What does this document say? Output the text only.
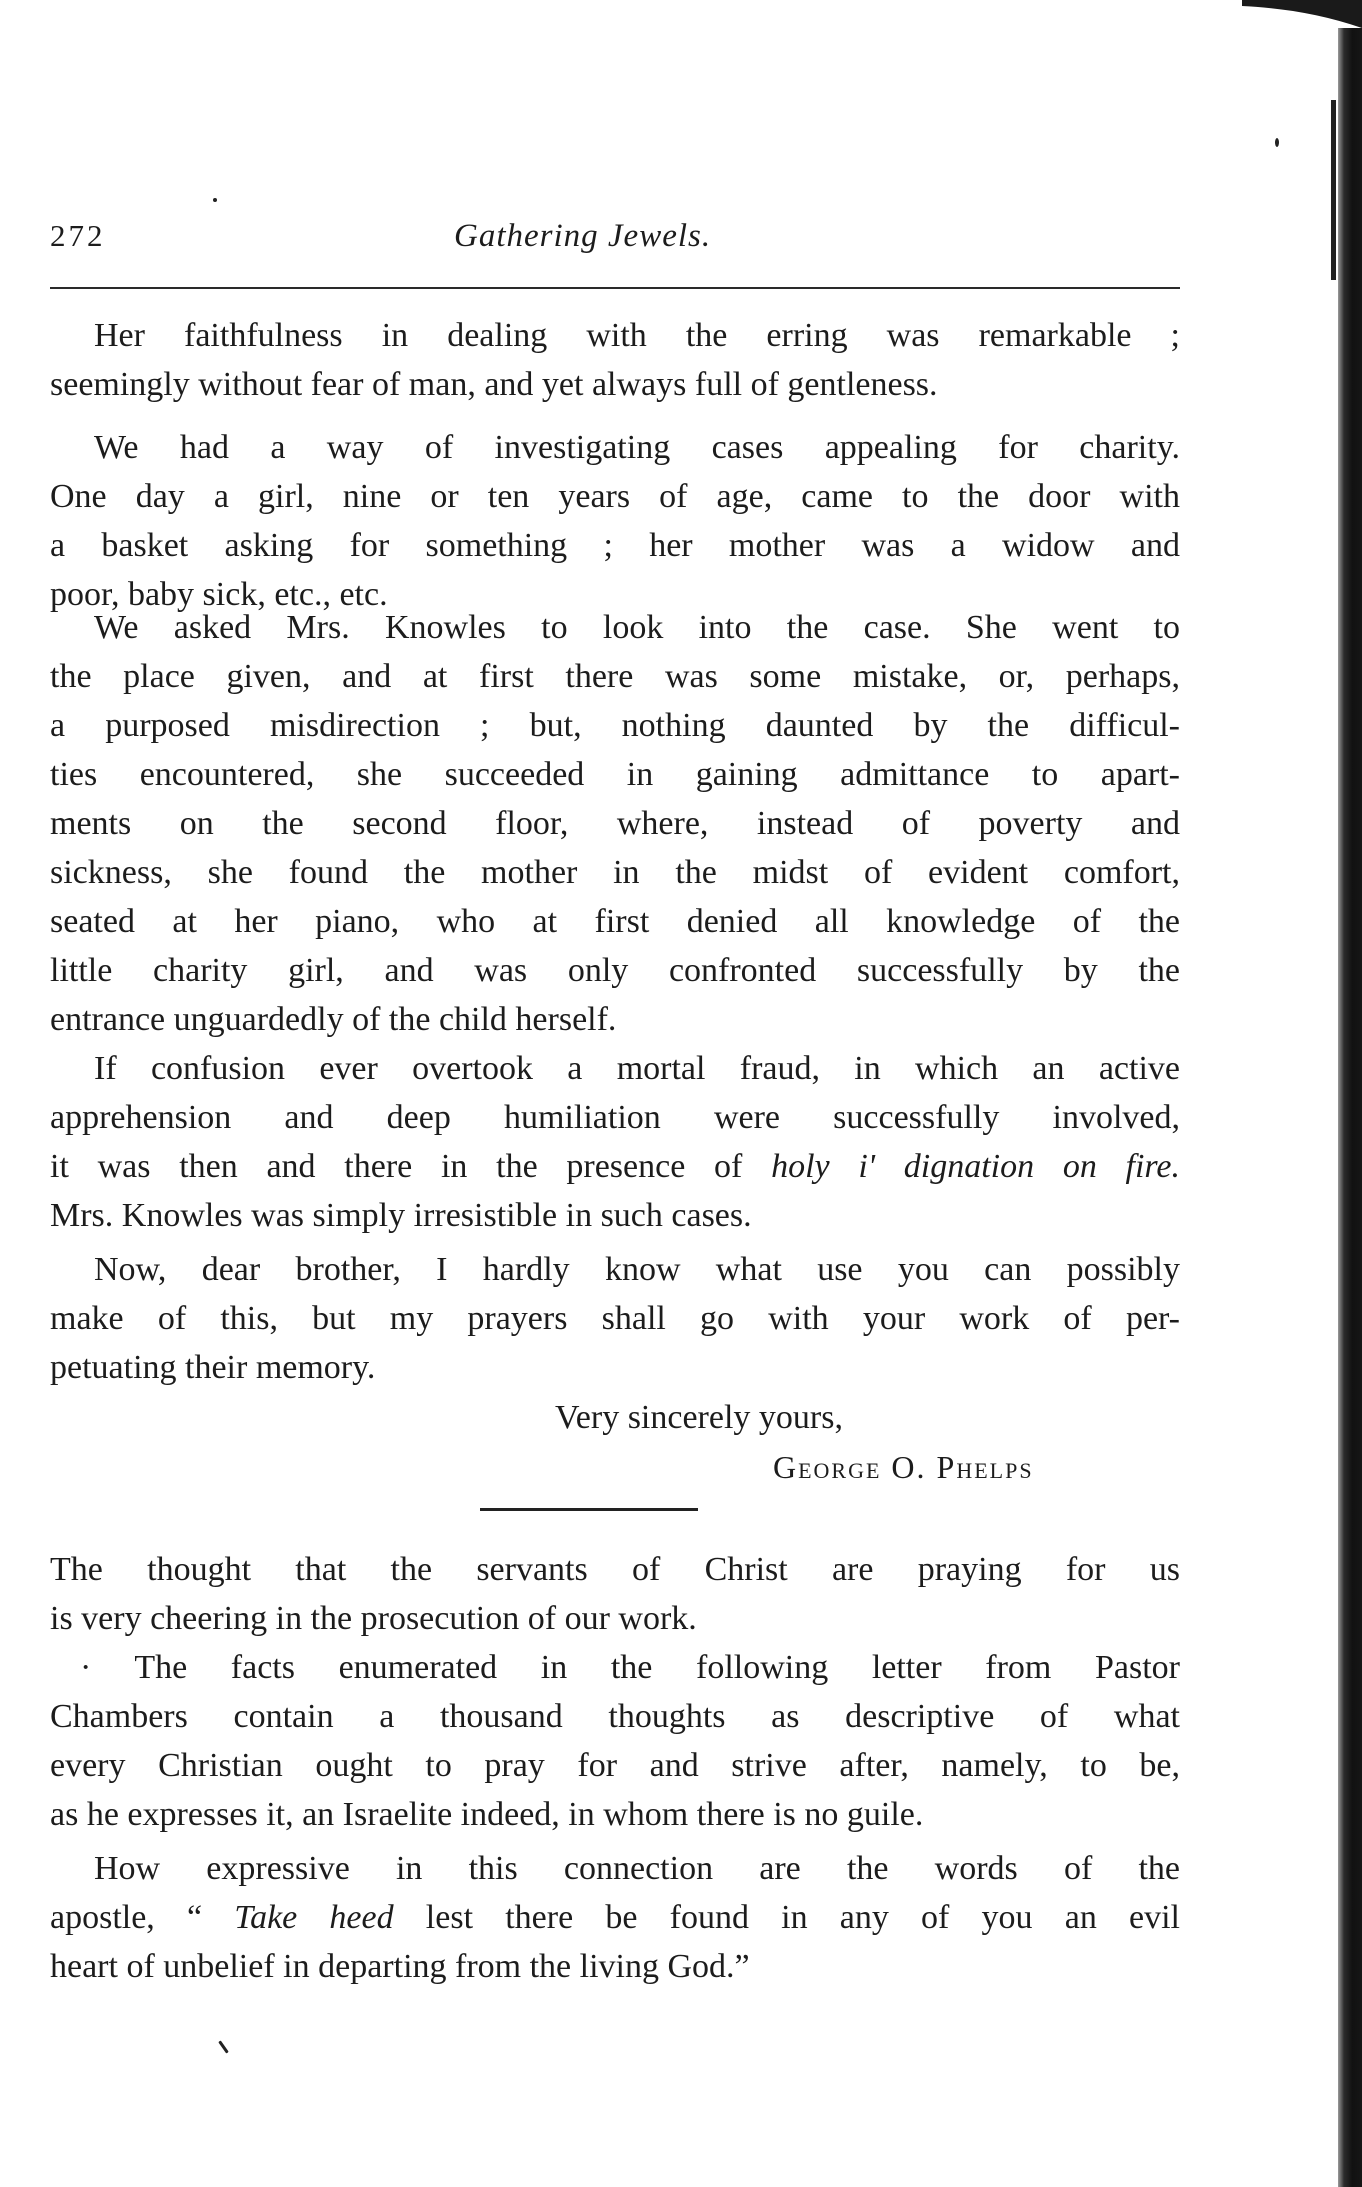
272	Gathering Jewels.
Her faithfulness in dealing with the erring was remarkable ;
seemingly without fear of man, and yet always full of gentleness.
We had a way of investigating cases appealing for charity.
One day a girl, nine or ten years of age, came to the door with
a basket asking for something ; her mother was a widow and
poor, baby sick, etc., etc.
We asked Mrs. Knowles to look into the case. She went to
the place given, and at first there was some mistake, or, perhaps,
a purposed misdirection ; but, nothing daunted by the difficul-
ties encountered, she succeeded in gaining admittance to apart-
ments on the second floor, where, instead of poverty and
sickness, she found the mother in the midst of evident comfort,
seated at her piano, who at first denied all knowledge of the
little charity girl, and was only confronted successfully by the
entrance unguardedly of the child herself.
If confusion ever overtook a mortal fraud, in which an active
apprehension and deep humiliation were successfully involved,
it was then and there in the presence of holy i' dignation on fire.
Mrs. Knowles was simply irresistible in such cases.
Now, dear brother, I hardly know what use you can possibly
make of this, but my prayers shall go with your work of per-
petuating their memory.
Very sincerely yours,
George O. Phelps
The thought that the servants of Christ are praying for us
is very cheering in the prosecution of our work.
· The facts enumerated in the following letter from Pastor
Chambers contain a thousand thoughts as descriptive of what
every Christian ought to pray for and strive after, namely, to be,
as he expresses it, an Israelite indeed, in whom there is no guile.
How expressive in this connection are the words of the
apostle, “ Take heed lest there be found in any of you an evil
heart of unbelief in departing from the living God.”
